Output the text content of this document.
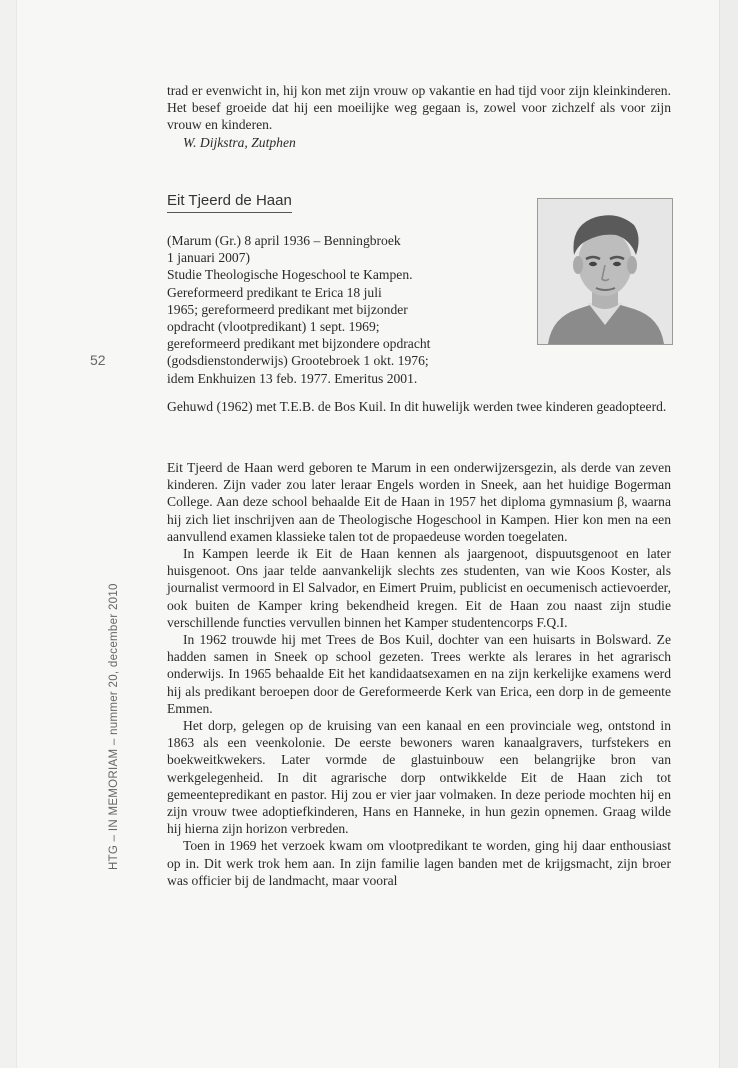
trad er evenwicht in, hij kon met zijn vrouw op vakantie en had tijd voor zijn kleinkinderen. Het besef groeide dat hij een moeilijke weg gegaan is, zowel voor zichzelf als voor zijn vrouw en kinderen.

W. Dijkstra, Zutphen

Eit Tjeerd de Haan

(Marum (Gr.) 8 april 1936 – Benningbroek

1 januari 2007)

Studie Theologische Hogeschool te Kampen.

Gereformeerd predikant te Erica 18 juli

1965; gereformeerd predikant met bijzonder

opdracht (vlootpredikant) 1 sept. 1969;

gereformeerd predikant met bijzondere opdracht

(godsdienstonderwijs) Grootebroek 1 okt. 1976;

idem Enkhuizen 13 feb. 1977. Emeritus 2001.

Gehuwd (1962) met T.E.B. de Bos Kuil. In dit huwelijk werden twee kinderen geadopteerd.

52
HTG – IN MEMORIAM – nummer 20, december 2010

Eit Tjeerd de Haan werd geboren te Marum in een onderwijzersgezin, als derde van zeven kinderen. Zijn vader zou later leraar Engels worden in Sneek, aan het huidige Bogerman College. Aan deze school behaalde Eit de Haan in 1957 het diploma gymnasium β, waarna hij zich liet inschrijven aan de Theologische Hogeschool in Kampen. Hier kon men na een aanvullend examen klassieke talen tot de propaedeuse worden toegelaten.

In Kampen leerde ik Eit de Haan kennen als jaargenoot, dispuutsgenoot en later huisgenoot. Ons jaar telde aanvankelijk slechts zes studenten, van wie Koos Koster, als journalist vermoord in El Salvador, en Eimert Pruim, publicist en oecumenisch actievoerder, ook buiten de Kamper kring bekendheid kregen. Eit de Haan zou naast zijn studie verschillende functies vervullen binnen het Kamper studentencorps F.Q.I.

In 1962 trouwde hij met Trees de Bos Kuil, dochter van een huisarts in Bolsward. Ze hadden samen in Sneek op school gezeten. Trees werkte als lerares in het agrarisch onderwijs. In 1965 behaalde Eit het kandidaatsexamen en na zijn kerkelijke examens werd hij als predikant beroepen door de Gereformeerde Kerk van Erica, een dorp in de gemeente Emmen.

Het dorp, gelegen op de kruising van een kanaal en een provinciale weg, ontstond in 1863 als een veenkolonie. De eerste bewoners waren kanaalgravers, turfstekers en boekweitkwekers. Later vormde de glastuinbouw een belangrijke bron van werkgelegenheid. In dit agrarische dorp ontwikkelde Eit de Haan zich tot gemeentepredikant en pastor. Hij zou er vier jaar volmaken. In deze periode mochten hij en zijn vrouw twee adoptiefkinderen, Hans en Hanneke, in hun gezin opnemen. Graag wilde hij hierna zijn horizon verbreden.

Toen in 1969 het verzoek kwam om vlootpredikant te worden, ging hij daar enthousiast op in. Dit werk trok hem aan. In zijn familie lagen banden met de krijgsmacht, zijn broer was officier bij de landmacht, maar vooral
